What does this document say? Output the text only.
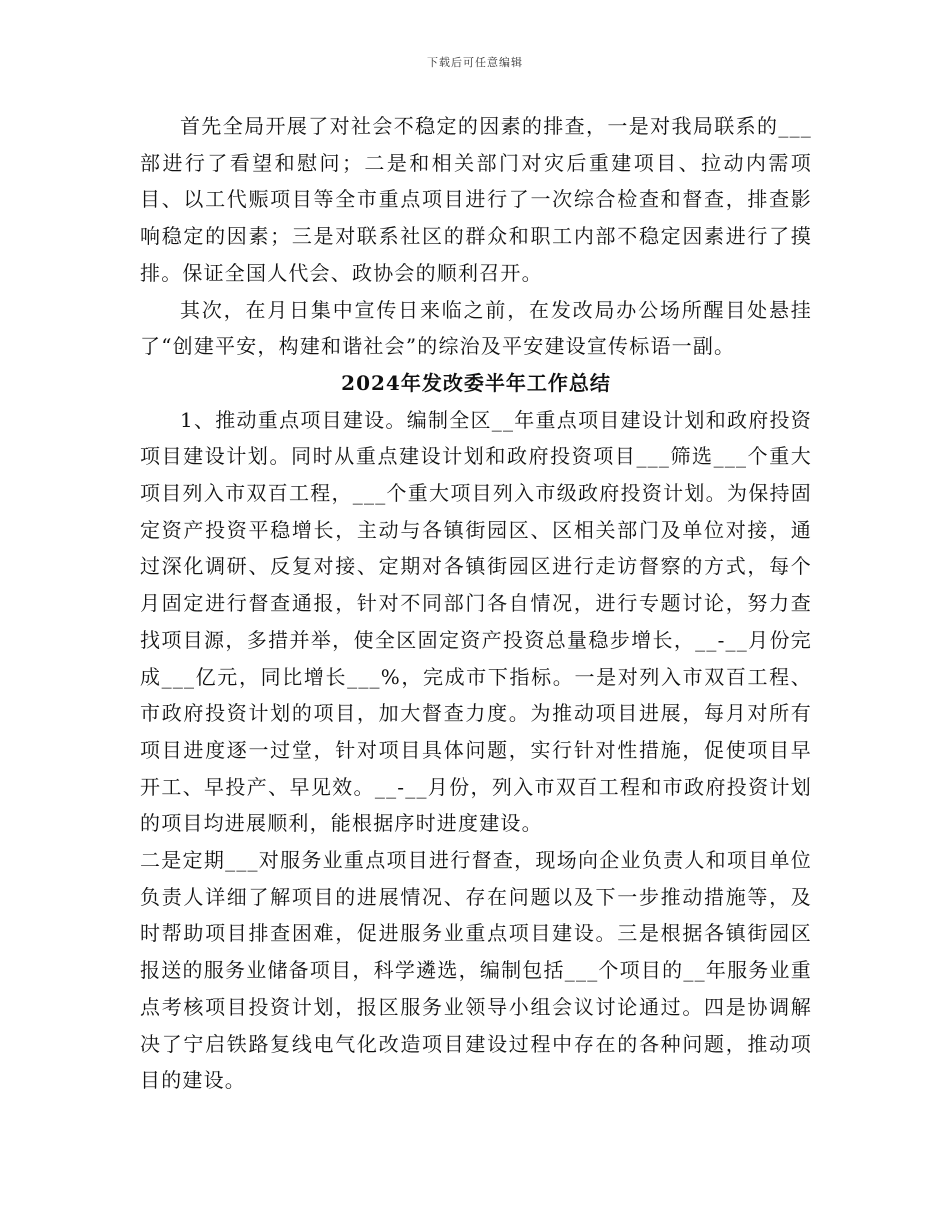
下载后可任意编辑

首先全局开展了对社会不稳定的因素的排查，一是对我局联系的___部进行了看望和慰问；二是和相关部门对灾后重建项目、拉动内需项目、以工代赈项目等全市重点项目进行了一次综合检查和督查，排查影响稳定的因素；三是对联系社区的群众和职工内部不稳定因素进行了摸排。保证全国人代会、政协会的顺利召开。

其次，在月日集中宣传日来临之前，在发改局办公场所醒目处悬挂了“创建平安，构建和谐社会”的综治及平安建设宣传标语一副。

2024年发改委半年工作总结

1、推动重点项目建设。编制全区__年重点项目建设计划和政府投资项目建设计划。同时从重点建设计划和政府投资项目___筛选___个重大项目列入市双百工程，___个重大项目列入市级政府投资计划。为保持固定资产投资平稳增长，主动与各镇街园区、区相关部门及单位对接，通过深化调研、反复对接、定期对各镇街园区进行走访督察的方式，每个月固定进行督查通报，针对不同部门各自情况，进行专题讨论，努力查找项目源，多措并举，使全区固定资产投资总量稳步增长，__-__月份完成___亿元，同比增长___%，完成市下指标。一是对列入市双百工程、市政府投资计划的项目，加大督查力度。为推动项目进展，每月对所有项目进度逐一过堂，针对项目具体问题，实行针对性措施，促使项目早开工、早投产、早见效。__-__月份，列入市双百工程和市政府投资计划的项目均进展顺利，能根据序时进度建设。

二是定期___对服务业重点项目进行督查，现场向企业负责人和项目单位负责人详细了解项目的进展情况、存在问题以及下一步推动措施等，及时帮助项目排查困难，促进服务业重点项目建设。三是根据各镇街园区报送的服务业储备项目，科学遴选，编制包括___个项目的__年服务业重点考核项目投资计划，报区服务业领导小组会议讨论通过。四是协调解决了宁启铁路复线电气化改造项目建设过程中存在的各种问题，推动项目的建设。
